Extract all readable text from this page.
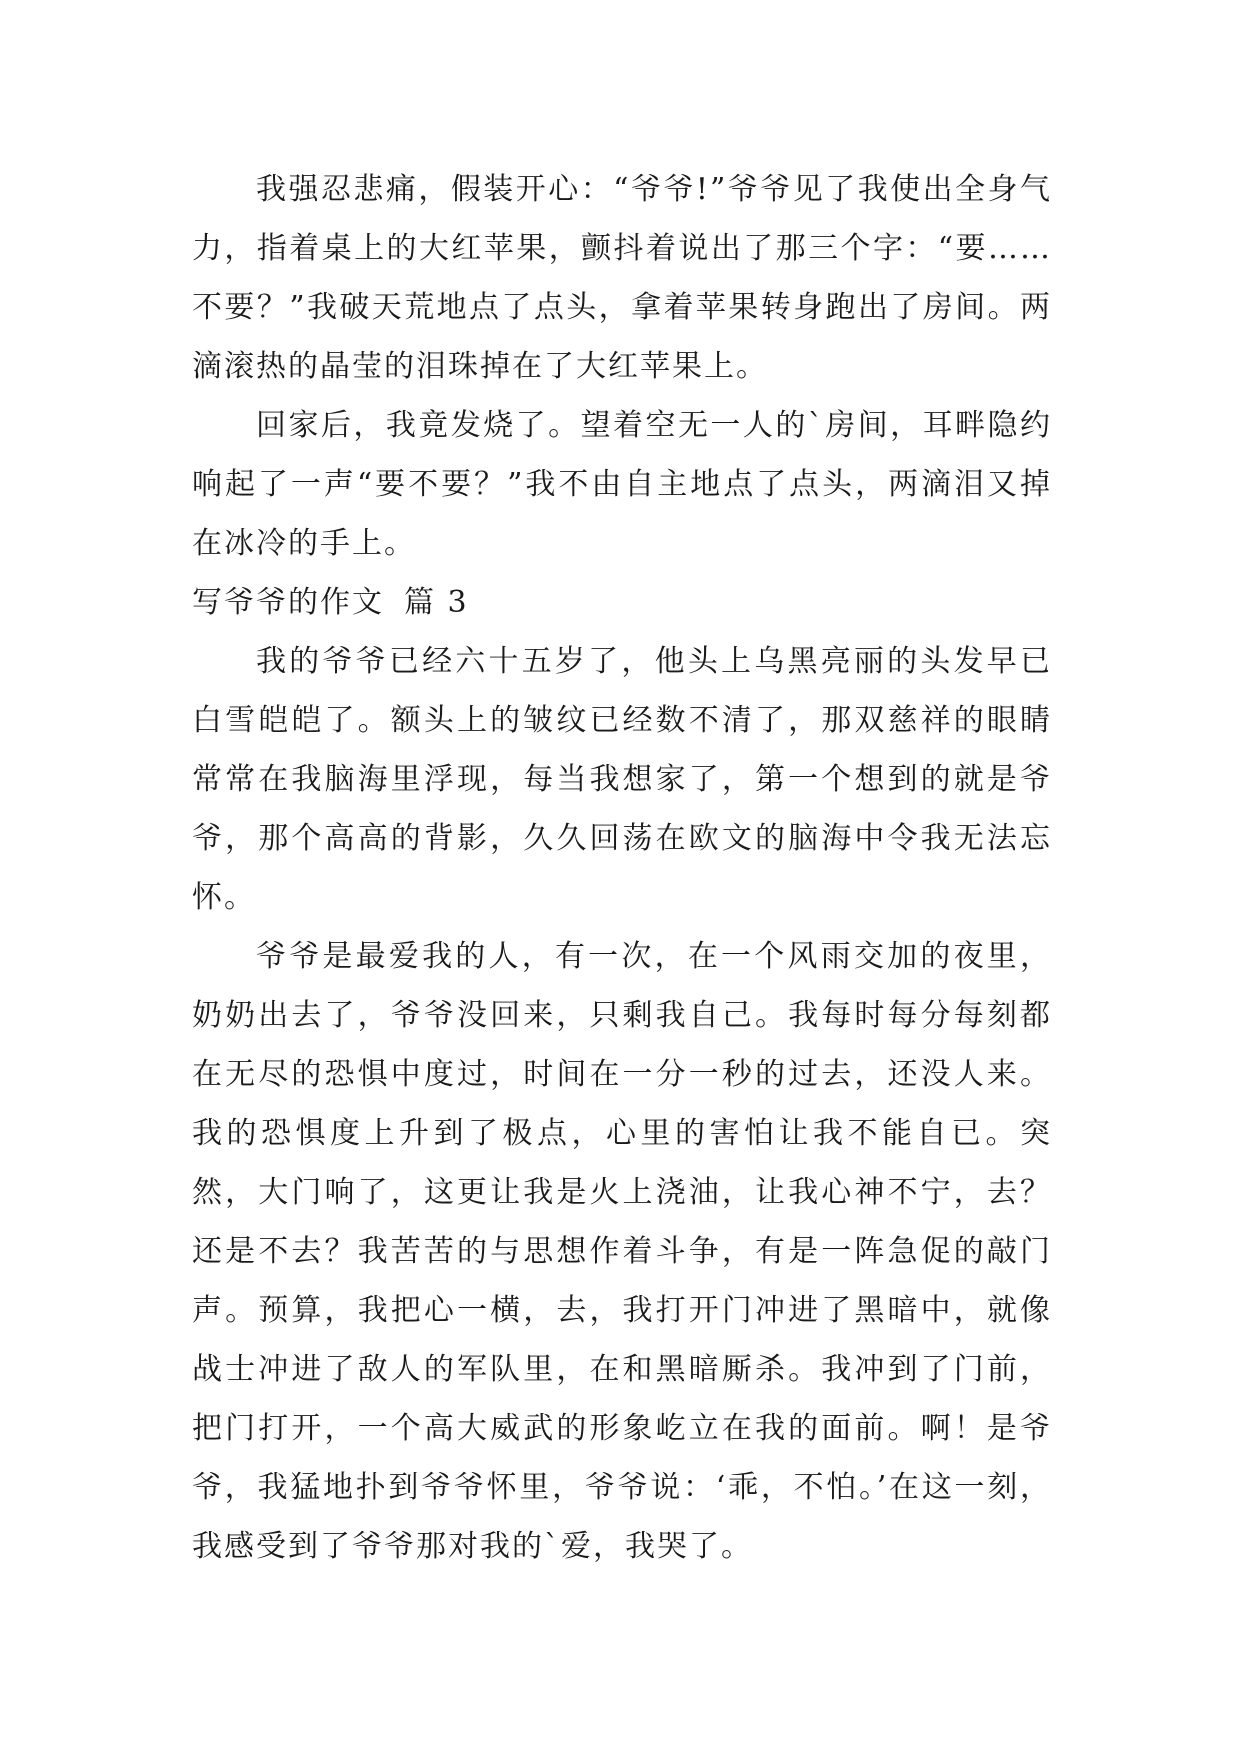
我强忍悲痛，假装开心：“爷爷!”爷爷见了我使出全身气力，指着桌上的大红苹果，颤抖着说出了那三个字：“要……不要？”我破天荒地点了点头，拿着苹果转身跑出了房间。两滴滚热的晶莹的泪珠掉在了大红苹果上。

回家后，我竟发烧了。望着空无一人的`房间，耳畔隐约响起了一声“要不要？”我不由自主地点了点头，两滴泪又掉在冰冷的手上。

写爷爷的作文 篇 3

我的爷爷已经六十五岁了，他头上乌黑亮丽的头发早已白雪皑皑了。额头上的皱纹已经数不清了，那双慈祥的眼睛常常在我脑海里浮现，每当我想家了，第一个想到的就是爷爷，那个高高的背影，久久回荡在欧文的脑海中令我无法忘怀。

爷爷是最爱我的人，有一次，在一个风雨交加的夜里，奶奶出去了，爷爷没回来，只剩我自己。我每时每分每刻都在无尽的恐惧中度过，时间在一分一秒的过去，还没人来。我的恐惧度上升到了极点，心里的害怕让我不能自已。突然，大门响了，这更让我是火上浇油，让我心神不宁，去？还是不去？我苦苦的与思想作着斗争，有是一阵急促的敲门声。预算，我把心一横，去，我打开门冲进了黑暗中，就像战士冲进了敌人的军队里，在和黑暗厮杀。我冲到了门前，把门打开，一个高大威武的形象屹立在我的面前。啊！是爷爷，我猛地扑到爷爷怀里，爷爷说：‘乖，不怕。’在这一刻，我感受到了爷爷那对我的`爱，我哭了。
